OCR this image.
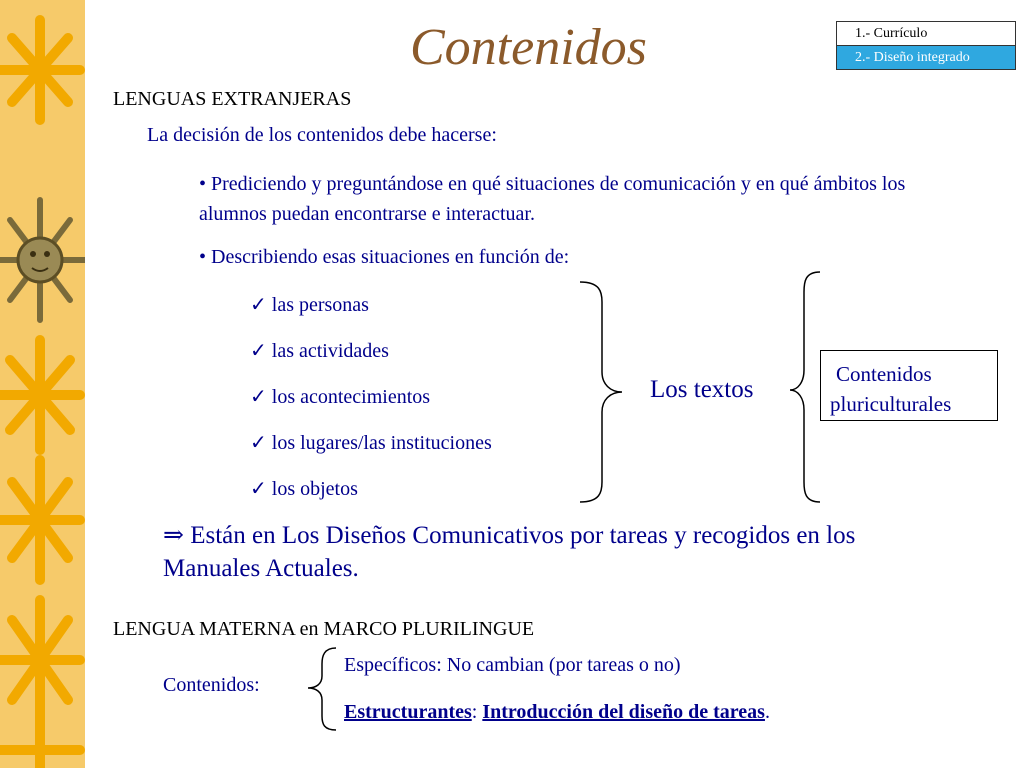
Contenidos	1.- Currículo
2.- Diseño integrado
LENGUAS EXTRANJERAS
La decisión de los contenidos debe hacerse:
• Prediciendo y preguntándose en qué situaciones de comunicación y en qué ámbitos los alumnos puedan encontrarse e interactuar.
• Describiendo esas situaciones en función de:
✓ las personas
✓ las actividades
✓ los acontecimientos
✓ los lugares/las instituciones
✓ los objetos
Los textos
Contenidos
pluriculturales
⇒ Están en Los Diseños Comunicativos por tareas y recogidos en los Manuales Actuales.
LENGUA MATERNA en MARCO PLURILINGUE
Contenidos:
Específicos: No cambian (por tareas o no)
Estructurantes: Introducción del diseño de tareas.
